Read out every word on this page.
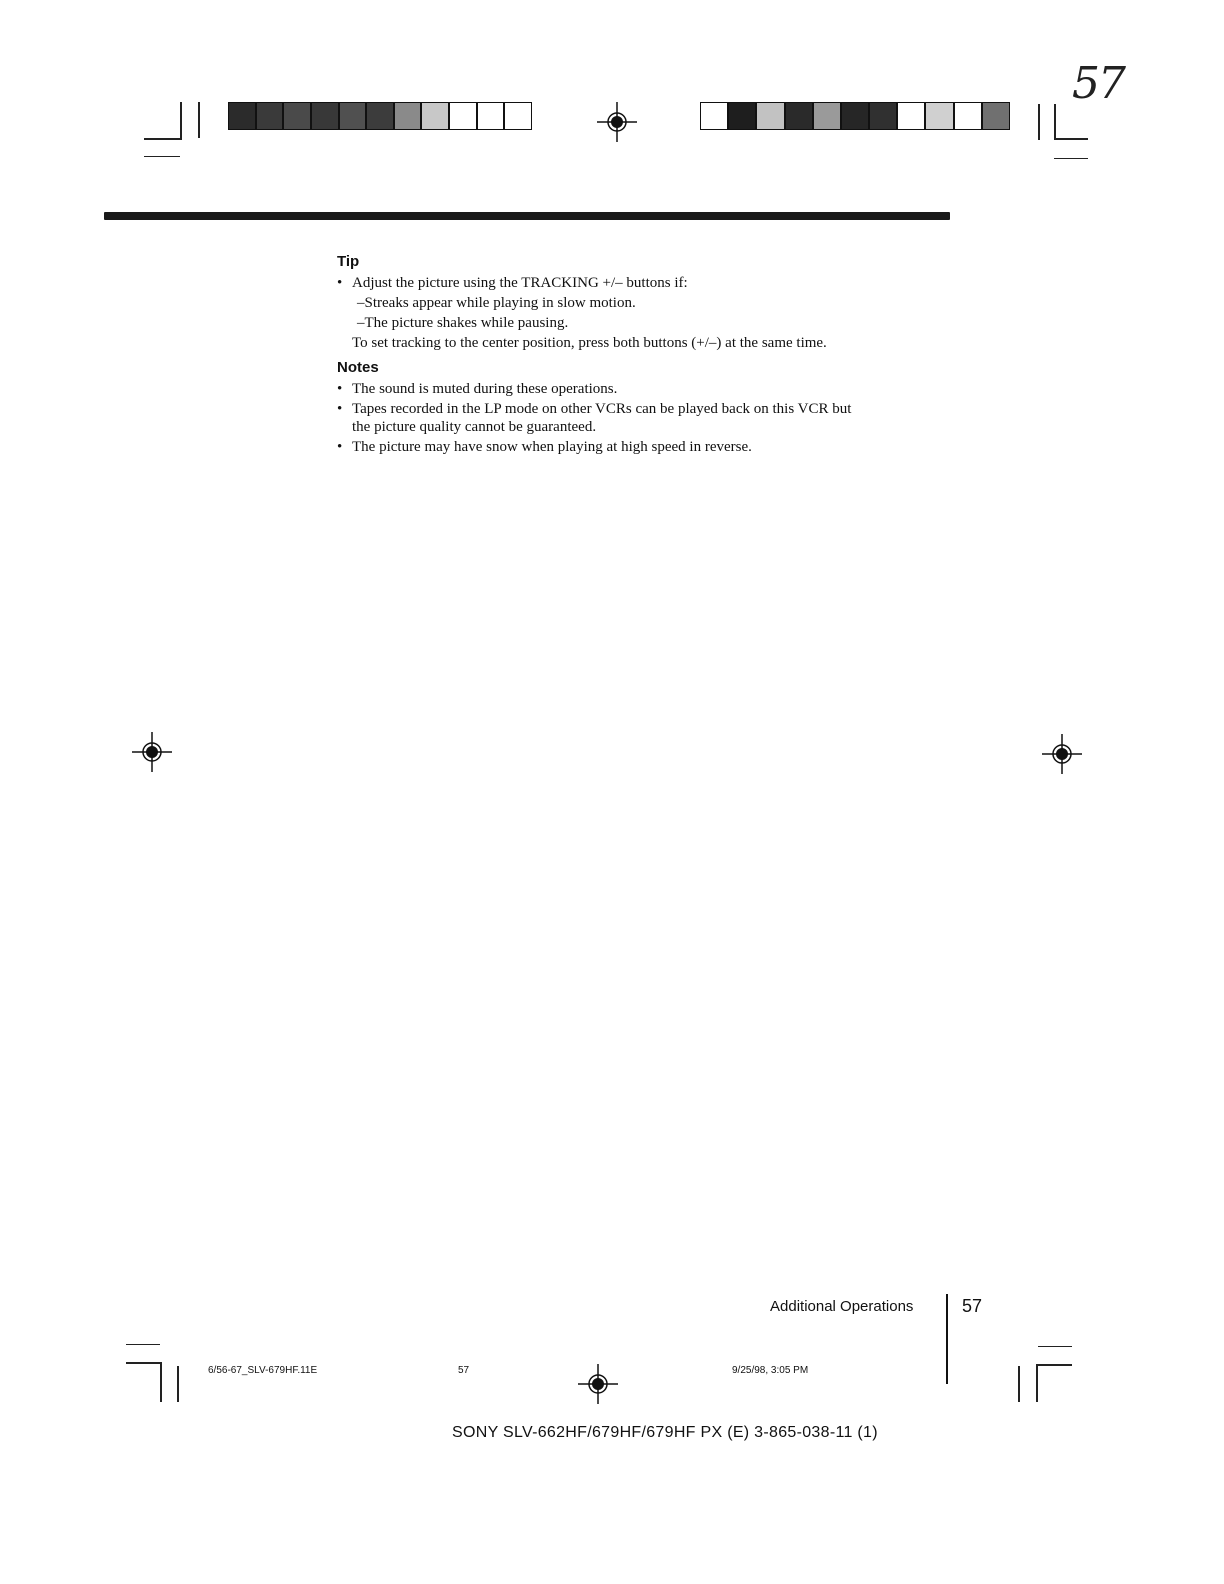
57
Tip
• Adjust the picture using the TRACKING +/– buttons if:
–Streaks appear while playing in slow motion.
–The picture shakes while pausing.
To set tracking to the center position, press both buttons (+/–) at the same time.
Notes
• The sound is muted during these operations.
• Tapes recorded in the LP mode on other VCRs can be played back on this VCR but
the picture quality cannot be guaranteed.
• The picture may have snow when playing at high speed in reverse.
Additional Operations	57
6/56-67_SLV-679HF.11E	57	9/25/98, 3:05 PM
SONY SLV-662HF/679HF/679HF PX (E) 3-865-038-11 (1)
